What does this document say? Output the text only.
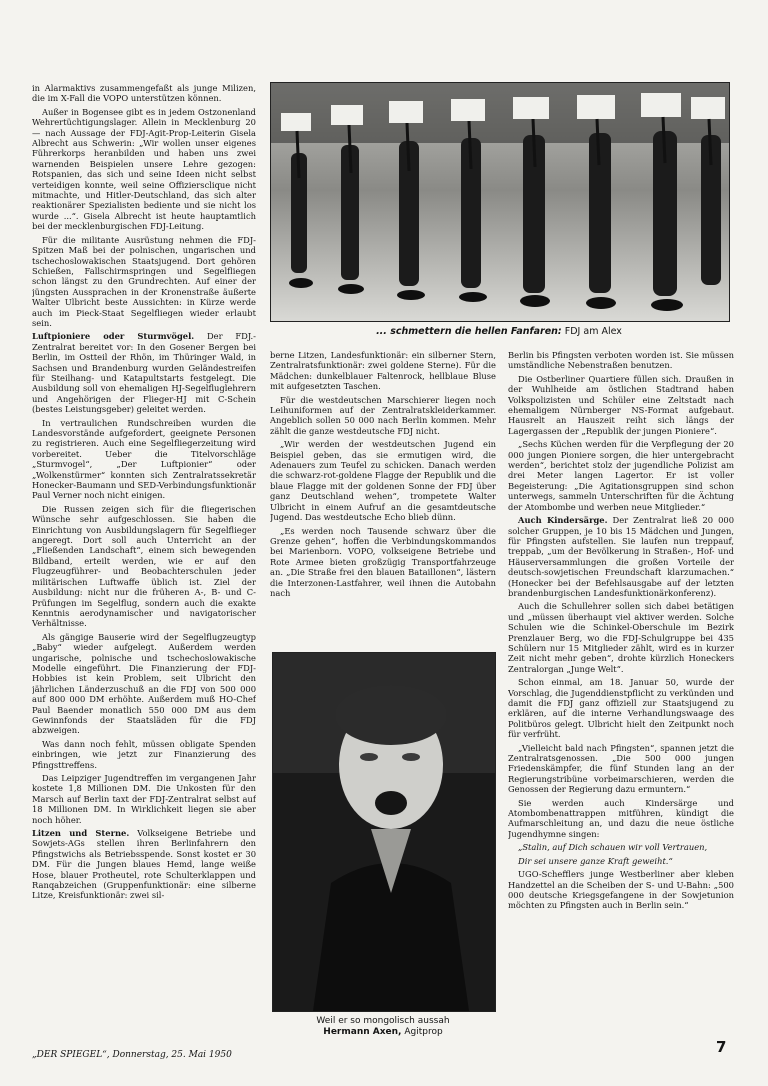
in Alarmaktivs zusammengefaßt als junge Milizen, die im X-Fall die VOPO unterstützen können.

Außer in Bogensee gibt es in jedem Ostzonenland Wehrertüchtigungslager. Allein in Mecklenburg 20 — nach Aussage der FDJ-Agit-Prop-Leiterin Gisela Albrecht aus Schwerin: „Wir wollen unser eigenes Führerkorps heranbilden und haben uns zwei warnenden Beispielen unsere Lehre gezogen: Rotspanien, das sich und seine Ideen nicht selbst verteidigen konnte, weil seine Offiziersclique nicht mitmachte, und Hitler-Deutschland, das sich alter reaktionärer Spezialisten bediente und sie nicht los wurde ...“. Gisela Albrecht ist heute hauptamtlich bei der mecklenburgischen FDJ-Leitung.

Für die militante Ausrüstung nehmen die FDJ-Spitzen Maß bei der polnischen, ungarischen und tschechoslowakischen Staatsjugend. Dort gehören Schießen, Fallschirmspringen und Segelfliegen schon längst zu den Grundrechten. Auf einer der jüngsten Aussprachen in der Kronenstraße äußerte Walter Ulbricht beste Aussichten: in Kürze werde auch im Pieck-Staat Segelfliegen wieder erlaubt sein.

Luftpioniere oder Sturmvögel. Der FDJ.-Zentralrat bereitet vor: In den Gosener Bergen bei Berlin, im Ostteil der Rhön, im Thüringer Wald, in Sachsen und Brandenburg wurden Geländestreifen für Steilhang- und Katapultstarts festgelegt. Die Ausbildung soll von ehemaligen HJ-Segelfluglehrern und Angehörigen der Flieger-HJ mit C-Schein (bestes Leistungsgeber) geleitet werden.

In vertraulichen Rundschreiben wurden die Landesvorstände aufgefordert, geeignete Personen zu registrieren. Auch eine Segelfliegerzeitung wird vorbereitet. Ueber die Titelvorschläge „Sturmvogel“, „Der Luftpionier“ oder „Wolkenstürmer“ konnten sich Zentralratssekretär Honecker-Baumann und SED-Verbindungsfunktionär Paul Verner noch nicht einigen.

Die Russen zeigen sich für die fliegerischen Wünsche sehr aufgeschlossen. Sie haben die Einrichtung von Ausbildungslagern für Segelflieger angeregt. Dort soll auch Unterricht an der „Fließenden Landschaft“, einem sich bewegenden Bildband, erteilt werden, wie er auf den Flugzeugführer- und Beobachterschulen jeder militärischen Luftwaffe üblich ist. Ziel der Ausbildung: nicht nur die früheren A-, B- und C-Prüfungen im Segelflug, sondern auch die exakte Kenntnis aerodynamischer und navigatorischer Verhältnisse.

Als gängige Bauserie wird der Segelflugzeugtyp „Baby“ wieder aufgelegt. Außerdem werden ungarische, polnische und tschechoslowakische Modelle eingeführt. Die Finanzierung der FDJ-Hobbies ist kein Problem, seit Ulbricht den jährlichen Länderzuschuß an die FDJ von 500 000 auf 800 000 DM erhöhte. Außerdem muß HO-Chef Paul Baender monatlich 550 000 DM aus dem Gewinnfonds der Staatsläden für die FDJ abzweigen.

Was dann noch fehlt, müssen obligate Spenden einbringen, wie jetzt zur Finanzierung des Pfingsttreffens.

Das Leipziger Jugendtreffen im vergangenen Jahr kostete 1,8 Millionen DM. Die Unkosten für den Marsch auf Berlin taxt der FDJ-Zentralrat selbst auf 18 Millionen DM. In Wirklichkeit liegen sie aber noch höher.

Litzen und Sterne. Volkseigene Betriebe und Sowjets-AGs stellen ihren Berlinfahrern den Pfingstwichs als Betriebsspende. Sonst kostet er 30 DM. Für die Jungen blaues Hemd, lange weiße Hose, blauer Protheutel, rote Schulterklappen und Ranqabzeichen (Gruppenfunktionär: eine silberne Litze, Kreisfunktionär: zwei sil-

... schmettern die hellen Fanfaren: FDJ am Alex

berne Litzen, Landesfunktionär: ein silberner Stern, Zentralratsfunktionär: zwei goldene Sterne). Für die Mädchen: dunkelblauer Faltenrock, hellblaue Bluse mit aufgesetzten Taschen.

Für die westdeutschen Marschierer liegen noch Leihuniformen auf der Zentralratskleiderkammer. Angeblich sollen 50 000 nach Berlin kommen. Mehr zählt die ganze westdeutsche FDJ nicht.

„Wir werden der westdeutschen Jugend ein Beispiel geben, das sie ermutigen wird, die Adenauers zum Teufel zu schicken. Danach werden die schwarz-rot-goldene Flagge der Republik und die blaue Flagge mit der goldenen Sonne der FDJ über ganz Deutschland wehen“, trompetete Walter Ulbricht in einem Aufruf an die gesamtdeutsche Jugend. Das westdeutsche Echo blieb dünn.

„Es werden noch Tausende schwarz über die Grenze gehen“, hoffen die Verbindungskommandos bei Marienborn. VOPO, volkseigene Betriebe und Rote Armee bieten großzügig Transportfahrzeuge an. „Die Straße frei den blauen Bataillonen“, lästern die Interzonen-Lastfahrer, weil ihnen die Autobahn nach

Weil er so mongolisch aussah
Hermann Axen, Agitprop

Berlin bis Pfingsten verboten worden ist. Sie müssen umständliche Nebenstraßen benutzen.

Die Ostberliner Quartiere füllen sich. Draußen in der Wuhlheide am östlichen Stadtrand haben Volkspolizisten und Schüler eine Zeltstadt nach ehemaligem Nürnberger NS-Format aufgebaut. Hausrelt an Hauszeit reiht sich längs der Lagergassen der „Republik der jungen Pioniere“.

„Sechs Küchen werden für die Verpflegung der 20 000 jungen Pioniere sorgen, die hier untergebracht werden“, berichtet stolz der jugendliche Polizist am drei Meter langen Lagertor. Er ist voller Begeisterung: „Die Agitationsgruppen sind schon unterwegs, sammeln Unterschriften für die Ächtung der Atombombe und werben neue Mitglieder.“

Auch Kindersärge. Der Zentralrat ließ 20 000 solcher Gruppen, je 10 bis 15 Mädchen und Jungen, für Pfingsten aufstellen. Sie laufen nun treppauf, treppab, „um der Bevölkerung in Straßen-, Hof- und Häuserversammlungen die großen Vorteile der deutsch-sowjetischen Freundschaft klarzumachen.“ (Honecker bei der Befehlsausgabe auf der letzten brandenburgischen Landesfunktionärkonferenz).

Auch die Schullehrer sollen sich dabei betätigen und „müssen überhaupt viel aktiver werden. Solche Schulen wie die Schinkel-Oberschule im Bezirk Prenzlauer Berg, wo die FDJ-Schulgruppe bei 435 Schülern nur 15 Mitglieder zählt, wird es in kurzer Zeit nicht mehr geben“, drohte kürzlich Honeckers Zentralorgan „Junge Welt“.

Schon einmal, am 18. Januar 50, wurde der Vorschlag, die Jugenddienstpflicht zu verkünden und damit die FDJ ganz offiziell zur Staatsjugend zu erklären, auf die interne Verhandlungswaage des Politbüros gelegt. Ulbricht hielt den Zeitpunkt noch für verfrüht.

„Vielleicht bald nach Pfingsten“, spannen jetzt die Zentralratsgenossen. „Die 500 000 jungen Friedenskämpfer, die fünf Stunden lang an der Regierungstribüne vorbeimarschieren, werden die Genossen der Regierung dazu ermuntern.“

Sie werden auch Kindersärge und Atombombenattrappen mitführen, kündigt die Aufmarschleitung an, und dazu die neue östliche Jugendhymne singen:

„Stalin, auf Dich schauen wir voll Vertrauen,

Dir sei unsere ganze Kraft geweiht.“

UGO-Schefflers junge Westberliner aber kleben Handzettel an die Scheiben der S- und U-Bahn: „500 000 deutsche Kriegsgefangene in der Sowjetunion möchten zu Pfingsten auch in Berlin sein.“

„DER SPIEGEL“, Donnerstag, 25. Mai 1950	7
